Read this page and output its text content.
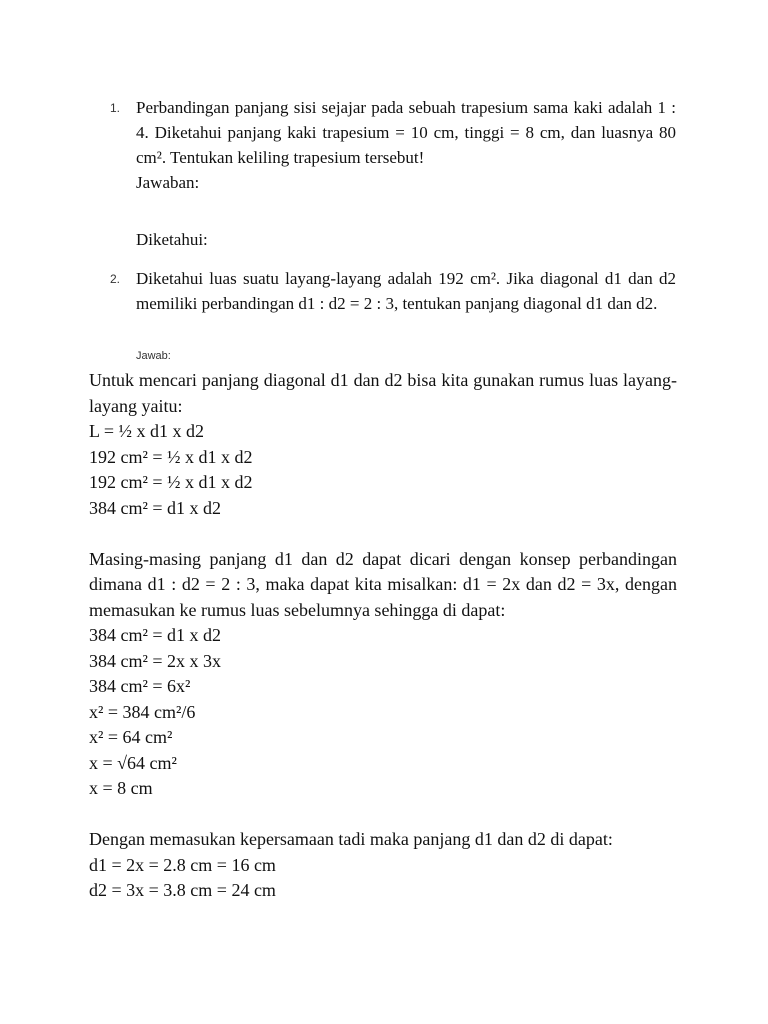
1. Perbandingan panjang sisi sejajar pada sebuah trapesium sama kaki adalah 1 : 4. Diketahui panjang kaki trapesium = 10 cm, tinggi = 8 cm, dan luasnya 80 cm². Tentukan keliling trapesium tersebut!

Jawaban:

Diketahui:

2. Diketahui luas suatu layang-layang adalah 192 cm². Jika diagonal d1 dan d2 memiliki perbandingan d1 : d2 = 2 : 3, tentukan panjang diagonal d1 dan d2.

Jawab:

Untuk mencari panjang diagonal d1 dan d2 bisa kita gunakan rumus luas layang-layang yaitu:

L = ½ x d1 x d2

192 cm² = ½ x d1 x d2

192 cm² = ½ x d1 x d2

384 cm² = d1 x d2

Masing-masing panjang d1 dan d2 dapat dicari dengan konsep perbandingan dimana d1 : d2 = 2 : 3, maka dapat kita misalkan: d1 = 2x dan d2 = 3x, dengan memasukan ke rumus luas sebelumnya sehingga di dapat:

384 cm² = d1 x d2

384 cm² = 2x x 3x

384 cm² = 6x²

x² = 384 cm²/6

x² = 64 cm²

x = √64 cm²

x = 8 cm

Dengan memasukan kepersamaan tadi maka panjang d1 dan d2 di dapat:

d1 = 2x = 2.8 cm = 16 cm

d2 = 3x = 3.8 cm = 24 cm
